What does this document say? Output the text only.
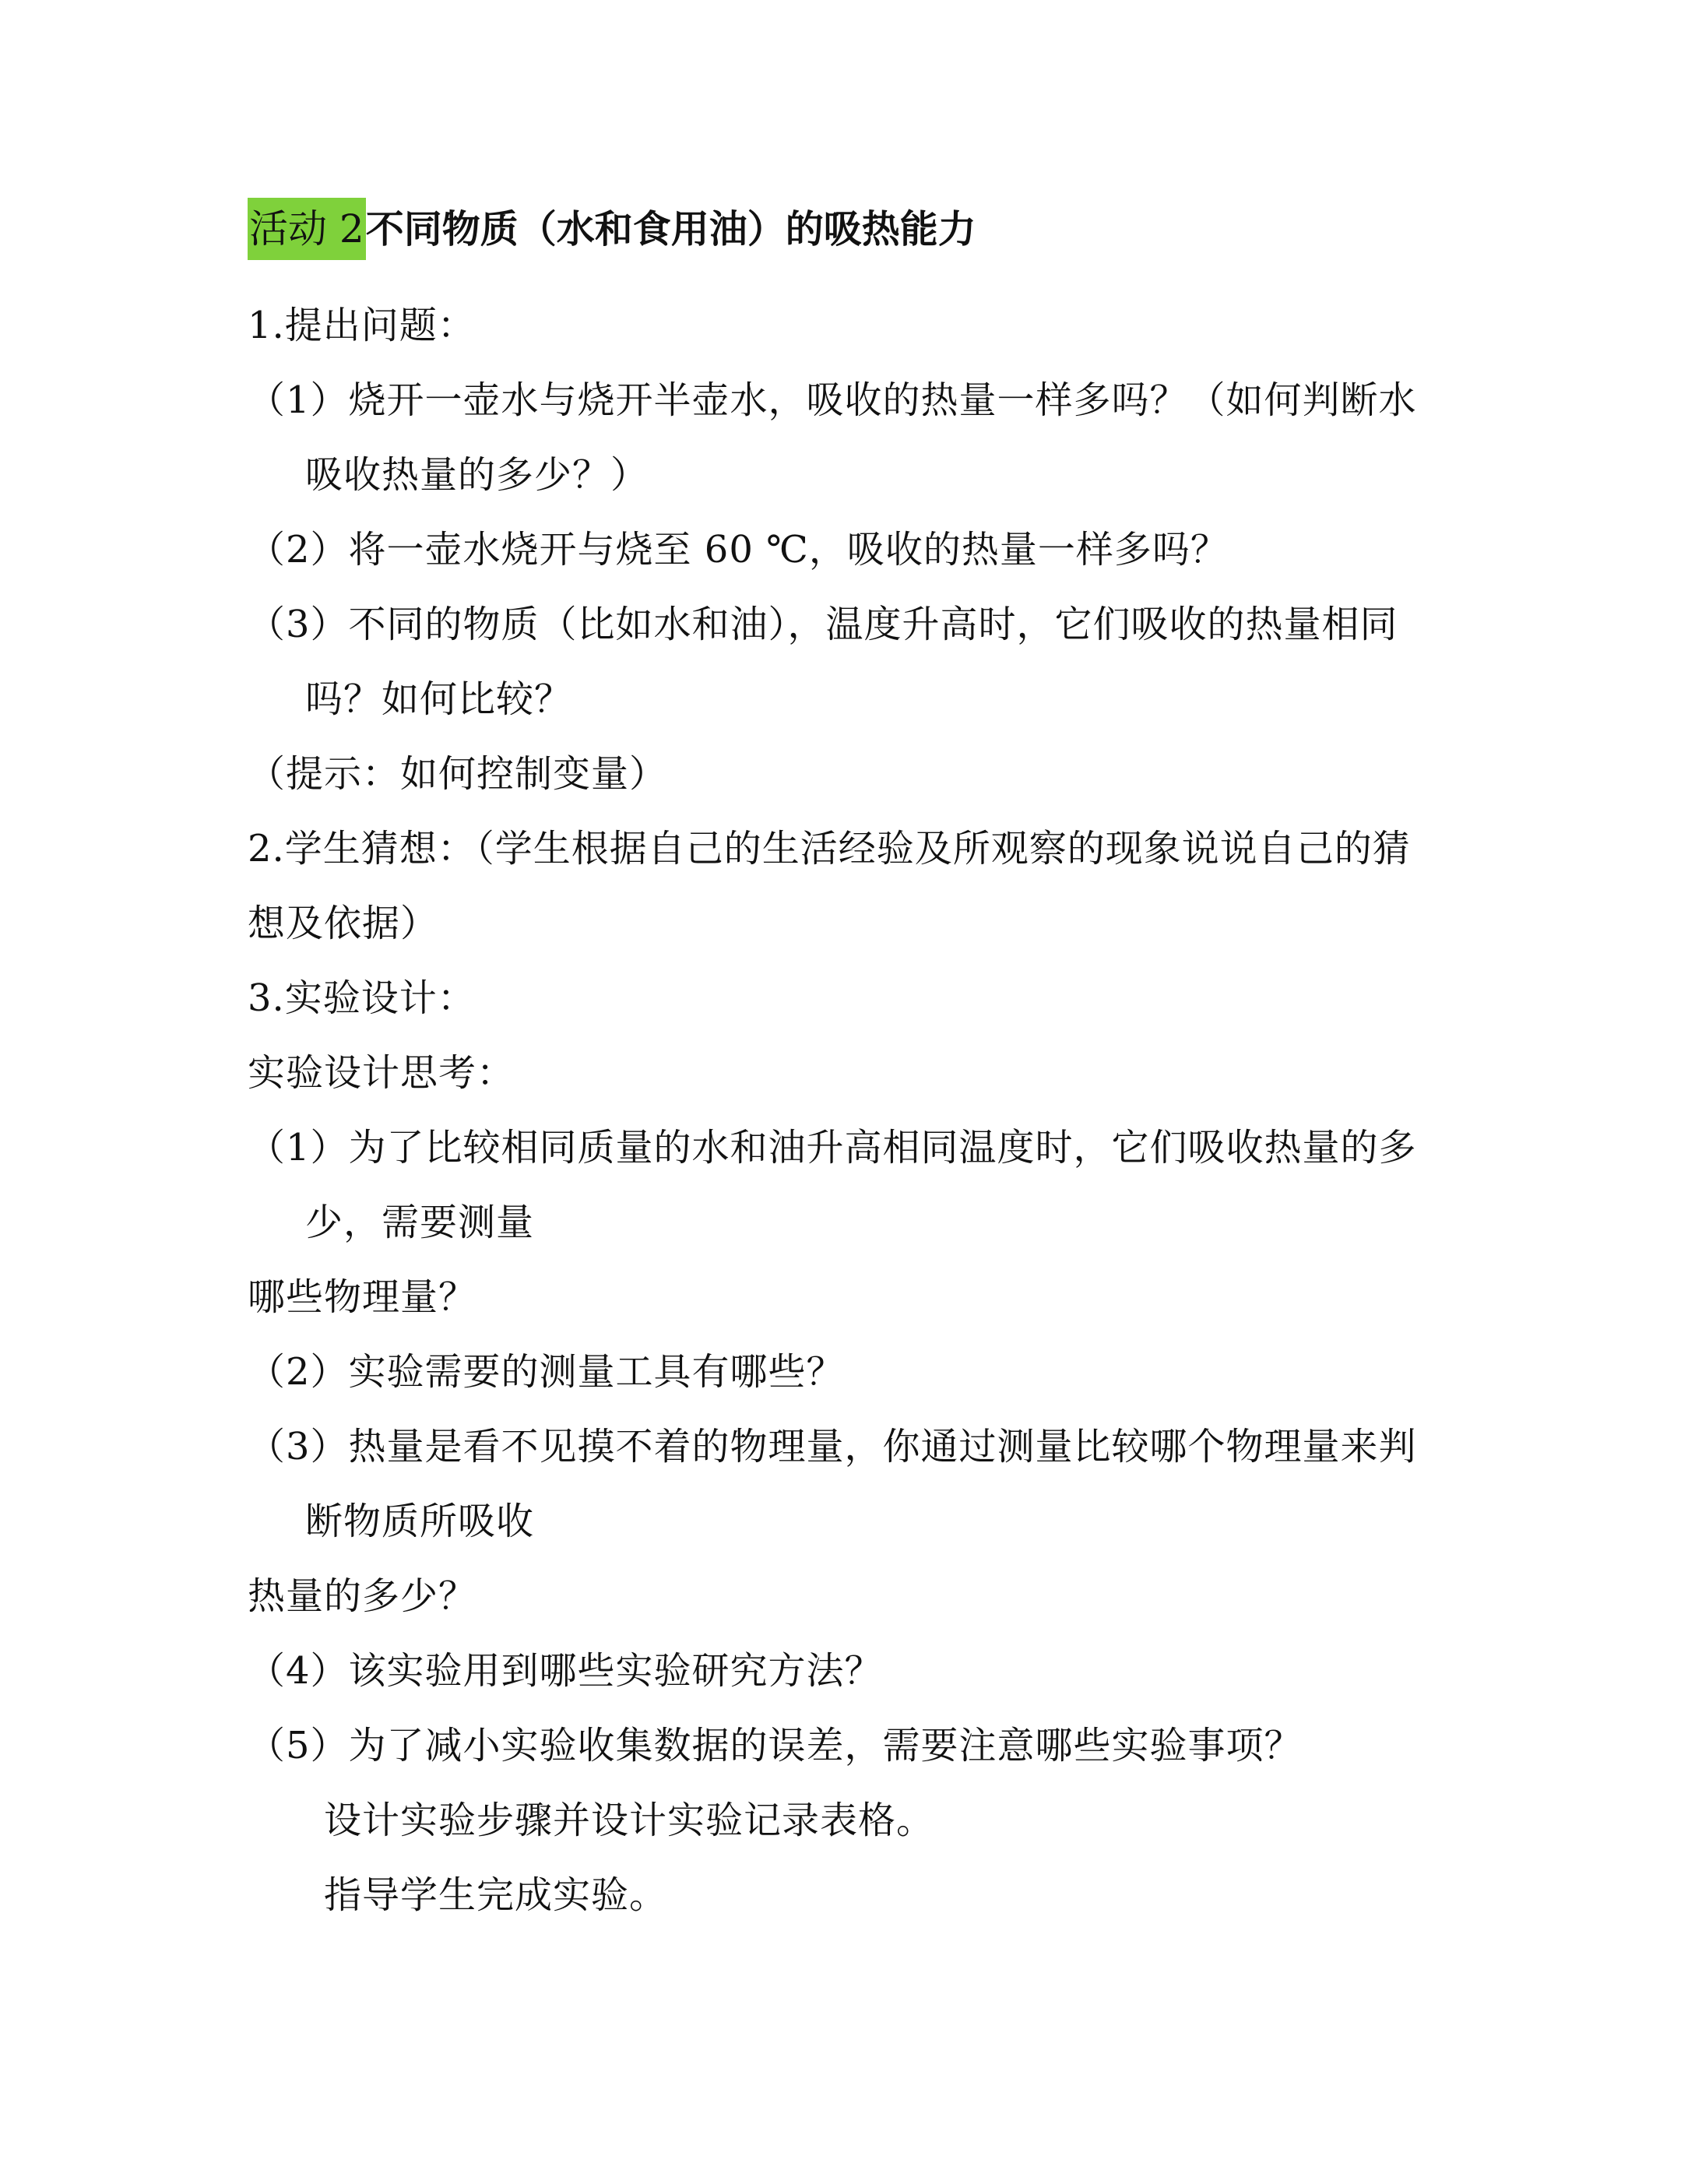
活动 2不同物质（水和食用油）的吸热能力
1.提出问题：
（1）烧开一壶水与烧开半壶水，吸收的热量一样多吗？（如何判断水
吸收热量的多少？）
（2）将一壶水烧开与烧至 60 ℃，吸收的热量一样多吗？
（3）不同的物质（比如水和油），温度升高时，它们吸收的热量相同
吗？如何比较？
（提示：如何控制变量）
2.学生猜想：（学生根据自己的生活经验及所观察的现象说说自己的猜
想及依据）
3.实验设计：
实验设计思考：
（1）为了比较相同质量的水和油升高相同温度时，它们吸收热量的多
少，需要测量
哪些物理量？
（2）实验需要的测量工具有哪些？
（3）热量是看不见摸不着的物理量，你通过测量比较哪个物理量来判
断物质所吸收
热量的多少？
（4）该实验用到哪些实验研究方法？
（5）为了减小实验收集数据的误差，需要注意哪些实验事项？
设计实验步骤并设计实验记录表格。
指导学生完成实验。
